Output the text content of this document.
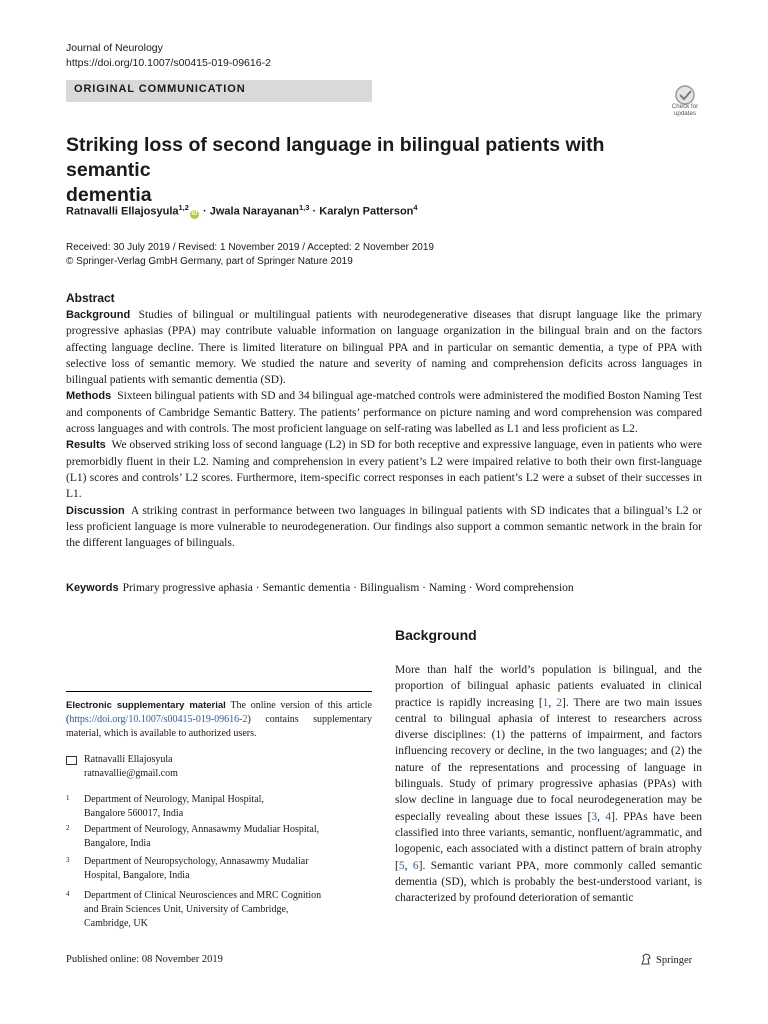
Journal of Neurology
https://doi.org/10.1007/s00415-019-09616-2
ORIGINAL COMMUNICATION
Check for
updates
Striking loss of second language in bilingual patients with semantic
dementia
Ratnavalli Ellajosyula$^{1,2}$iD · Jwala Narayanan$^{1,3}$ · Karalyn Patterson$^4$
Received: 30 July 2019 / Revised: 1 November 2019 / Accepted: 2 November 2019
© Springer-Verlag GmbH Germany, part of Springer Nature 2019
Abstract
Background Studies of bilingual or multilingual patients with neurodegenerative diseases that disrupt language like the primary progressive aphasias (PPA) may contribute valuable information on language organization in the bilingual brain and on the factors affecting language decline. There is limited literature on bilingual PPA and in particular on semantic dementia, a type of PPA with selective loss of semantic memory. We studied the nature and severity of naming and comprehension deficits across languages in bilingual patients with semantic dementia (SD).
Methods Sixteen bilingual patients with SD and 34 bilingual age-matched controls were administered the modified Boston Naming Test and components of Cambridge Semantic Battery. The patients’ performance on picture naming and word comprehension was compared across languages and with controls. The most proficient language on self-rating was labelled as L1 and less proficient as L2.
Results We observed striking loss of second language (L2) in SD for both receptive and expressive language, even in patients who were premorbidly fluent in their L2. Naming and comprehension in every patient’s L2 were impaired relative to both their own first-language (L1) scores and controls’ L2 scores. Furthermore, item-specific correct responses in each patient’s L2 were a subset of their successes in L1.
Discussion A striking contrast in performance between two languages in bilingual patients with SD indicates that a bilingual’s L2 or less proficient language is more vulnerable to neurodegeneration. Our findings also support a common semantic network in the brain for the different languages of bilinguals.
Keywords Primary progressive aphasia · Semantic dementia · Bilingualism · Naming · Word comprehension
Electronic supplementary material The online version of this article (https://doi.org/10.1007/s00415-019-09616-2) contains supplementary material, which is available to authorized users.
Ratnavalli Ellajosyula
ratnavallie@gmail.com
1 Department of Neurology, Manipal Hospital,
Bangalore 560017, India
2 Department of Neurology, Annasawmy Mudaliar Hospital,
Bangalore, India
3 Department of Neuropsychology, Annasawmy Mudaliar
Hospital, Bangalore, India
4 Department of Clinical Neurosciences and MRC Cognition
and Brain Sciences Unit, University of Cambridge,
Cambridge, UK
Background
More than half the world’s population is bilingual, and the proportion of bilingual aphasic patients evaluated in clinical practice is rapidly increasing [1, 2]. There are two main issues central to bilingual aphasia of interest to researchers across diverse disciplines: (1) the patterns of impairment, and factors influencing recovery or decline, in the two languages; and (2) the nature of the representations and processing of language in bilinguals. Study of primary progressive aphasias (PPAs) with slow decline in language due to focal neurodegeneration may be especially revealing about these issues [3, 4]. PPAs have been classified into three variants, semantic, nonfluent/agrammatic, and logopenic, each associated with a distinct pattern of brain atrophy [5, 6]. Semantic variant PPA, more commonly called semantic dementia (SD), which is probably the best-understood variant, is characterized by profound deterioration of semantic
Published online: 08 November 2019	Springer
